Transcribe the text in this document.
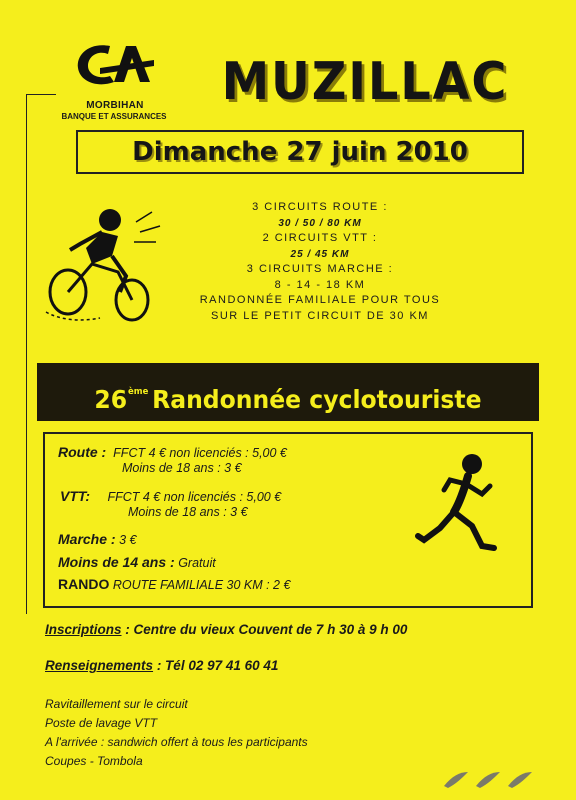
MORBIHAN
BANQUE ET ASSURANCES
MUZILLAC
Dimanche 27 juin 2010
3 CIRCUITS ROUTE :
30 / 50 / 80 KM
2 CIRCUITS VTT :
25 / 45 KM
3 CIRCUITS MARCHE :
8 - 14 - 18 KM
RANDONNÉE FAMILIALE POUR TOUS
SUR LE PETIT CIRCUIT DE 30 KM
26ème Randonnée cyclotouriste
Route : FFCT 4 € non licenciés : 5,00 €
Moins de 18 ans : 3 €
VTT: FFCT 4 € non licenciés : 5,00 €
Moins de 18 ans : 3 €
Marche : 3 €
Moins de 14 ans : Gratuit
RANDO ROUTE FAMILIALE 30 KM : 2 €
Inscriptions : Centre du vieux Couvent de 7 h 30 à 9 h 00
Renseignements : Tél 02 97 41 60 41
Ravitaillement sur le circuit
Poste de lavage VTT
A l'arrivée : sandwich offert à tous les participants
Coupes - Tombola
